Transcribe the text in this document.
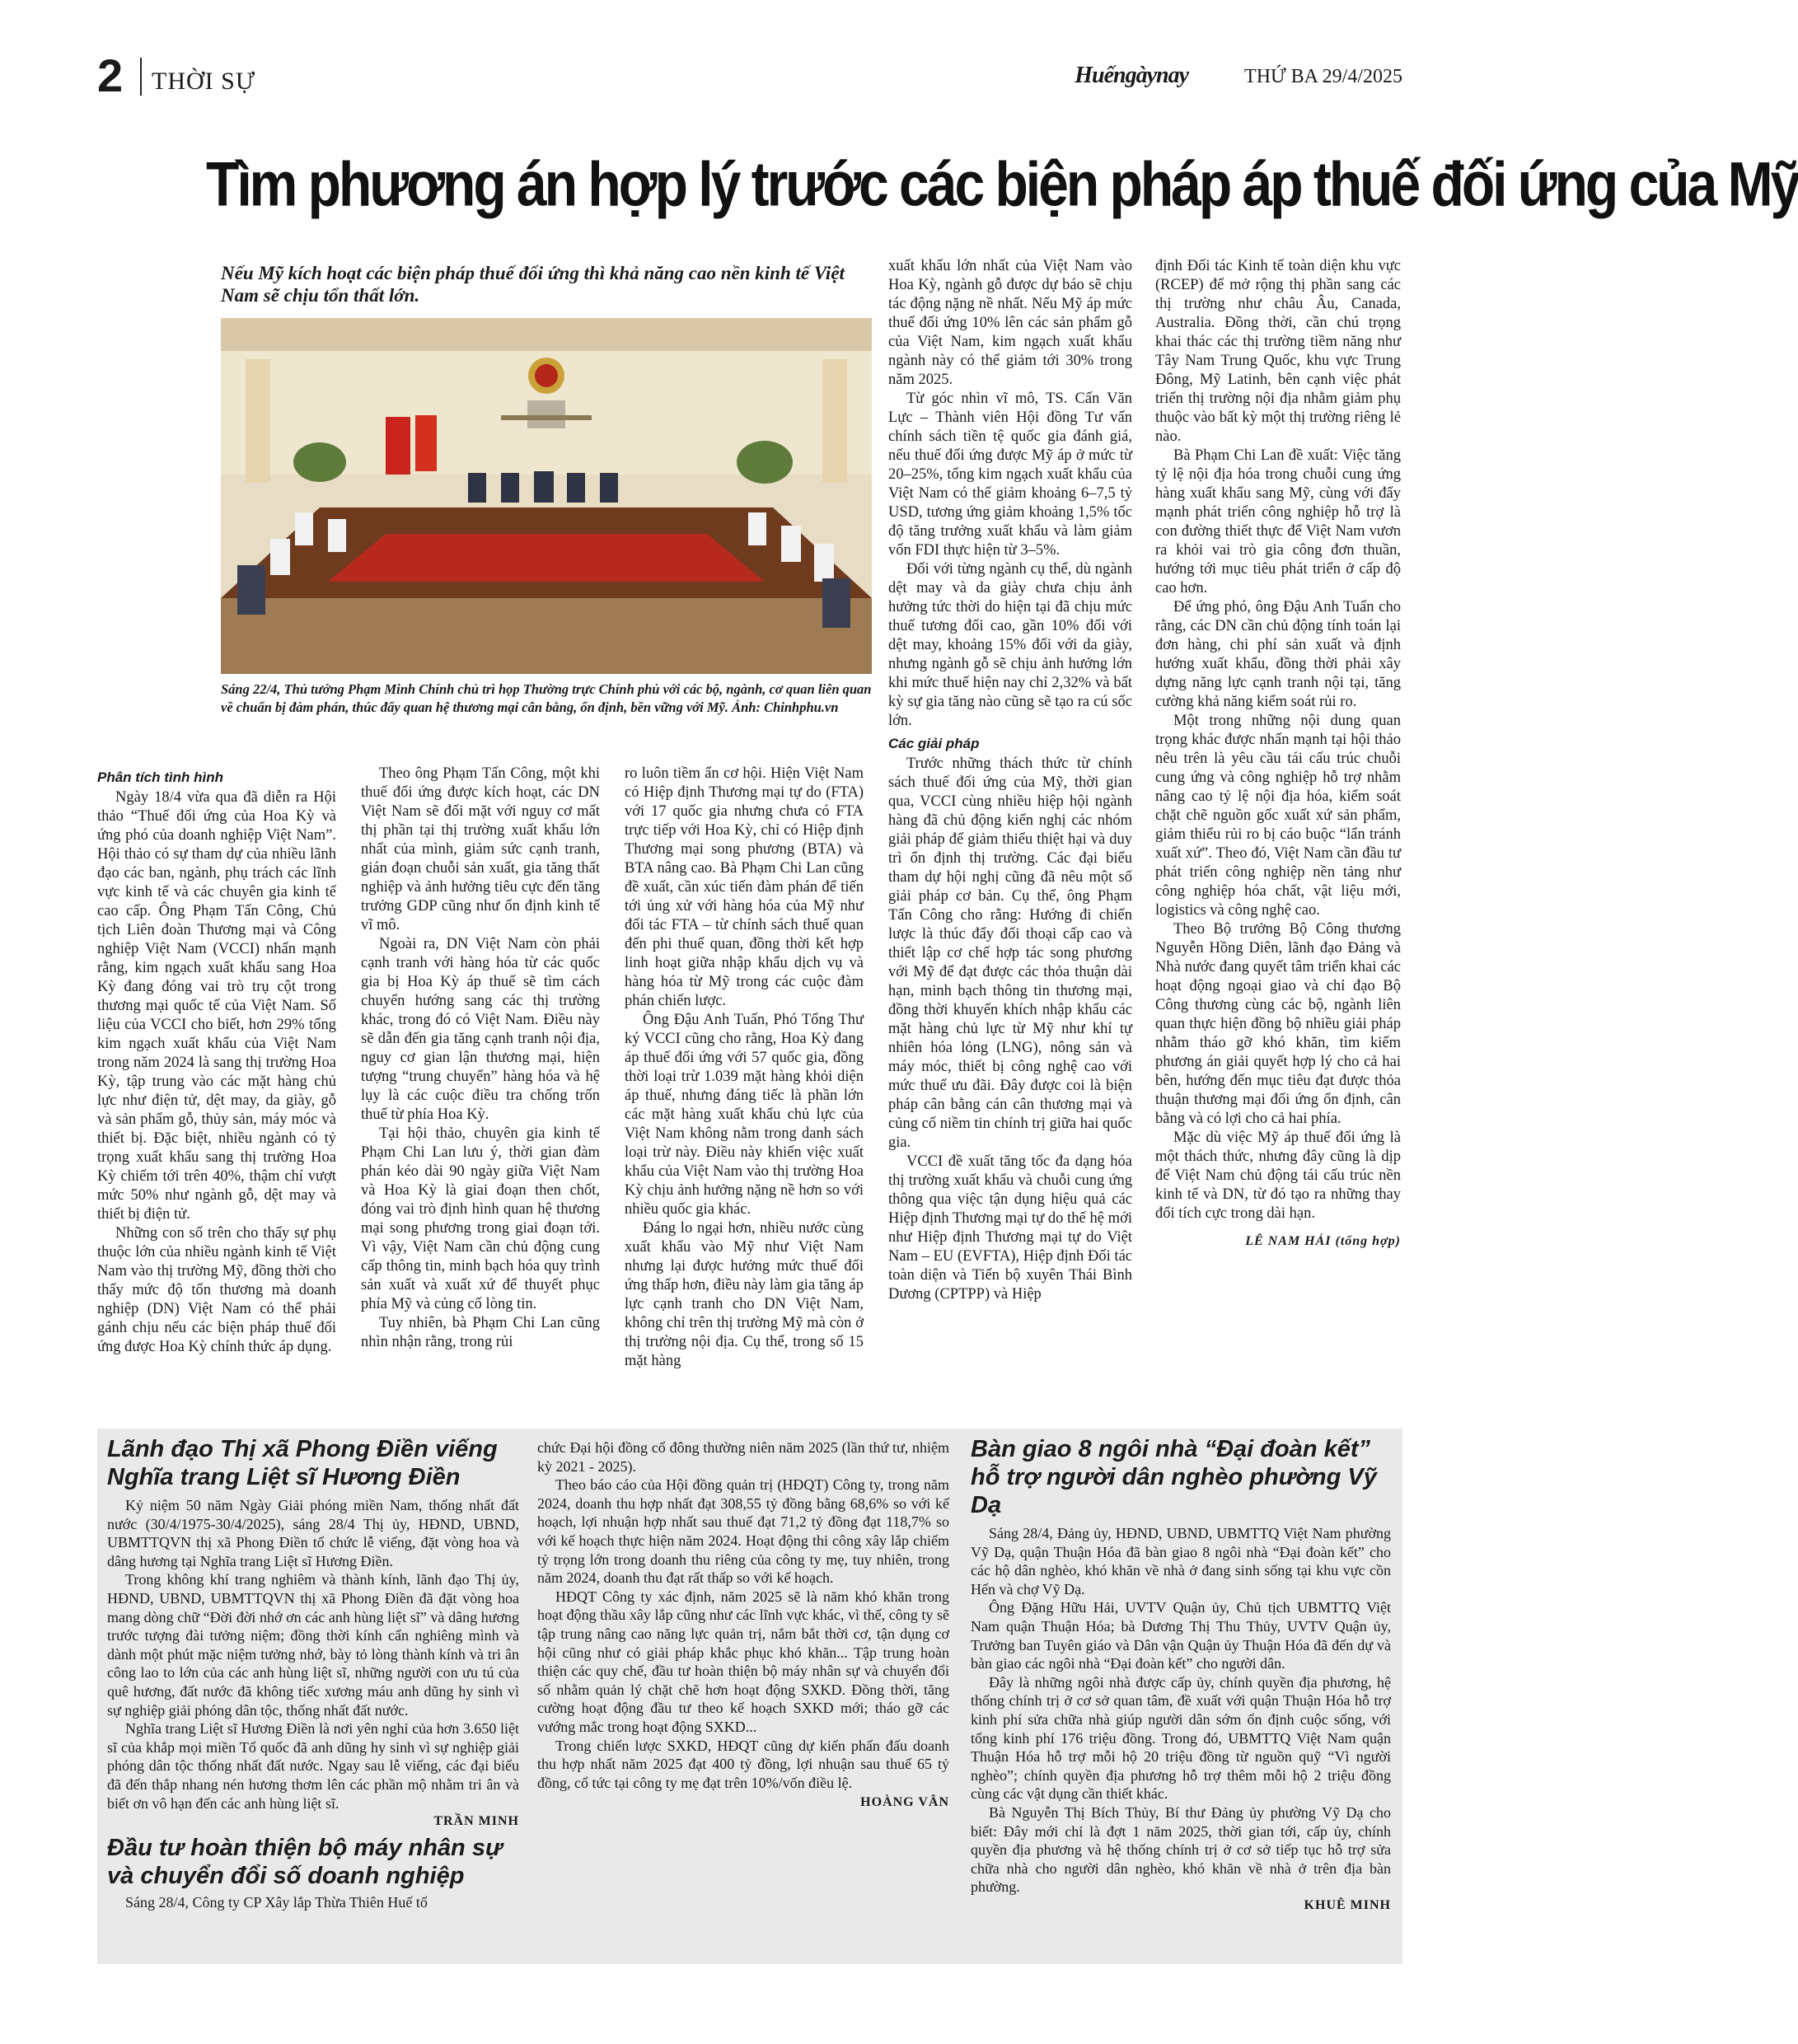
2 THỜI SỰ	Huếngàynay	THỨ BA 29/4/2025
Tìm phương án hợp lý trước các biện pháp áp thuế đối ứng của Mỹ
Nếu Mỹ kích hoạt các biện pháp thuế đối ứng thì khả năng cao nền kinh tế Việt Nam sẽ chịu tổn thất lớn.
Sáng 22/4, Thủ tướng Phạm Minh Chính chủ trì họp Thường trực Chính phủ với các bộ, ngành, cơ quan liên quan về chuẩn bị đàm phán, thúc đẩy quan hệ thương mại cân bằng, ổn định, bền vững với Mỹ. Ảnh: Chinhphu.vn
Phân tích tình hình

Ngày 18/4 vừa qua đã diễn ra Hội thảo “Thuế đối ứng của Hoa Kỳ và ứng phó của doanh nghiệp Việt Nam”. Hội thảo có sự tham dự của nhiều lãnh đạo các ban, ngành, phụ trách các lĩnh vực kinh tế và các chuyên gia kinh tế cao cấp. Ông Phạm Tấn Công, Chủ tịch Liên đoàn Thương mại và Công nghiệp Việt Nam (VCCI) nhấn mạnh rằng, kim ngạch xuất khẩu sang Hoa Kỳ đang đóng vai trò trụ cột trong thương mại quốc tế của Việt Nam. Số liệu của VCCI cho biết, hơn 29% tổng kim ngạch xuất khẩu của Việt Nam trong năm 2024 là sang thị trường Hoa Kỳ, tập trung vào các mặt hàng chủ lực như điện tử, dệt may, da giày, gỗ và sản phẩm gỗ, thủy sản, máy móc và thiết bị. Đặc biệt, nhiều ngành có tỷ trọng xuất khẩu sang thị trường Hoa Kỳ chiếm tới trên 40%, thậm chí vượt mức 50% như ngành gỗ, dệt may và thiết bị điện tử.

Những con số trên cho thấy sự phụ thuộc lớn của nhiều ngành kinh tế Việt Nam vào thị trường Mỹ, đồng thời cho thấy mức độ tổn thương mà doanh nghiệp (DN) Việt Nam có thể phải gánh chịu nếu các biện pháp thuế đối ứng được Hoa Kỳ chính thức áp dụng.

Theo ông Phạm Tấn Công, một khi thuế đối ứng được kích hoạt, các DN Việt Nam sẽ đối mặt với nguy cơ mất thị phần tại thị trường xuất khẩu lớn nhất của mình, giảm sức cạnh tranh, gián đoạn chuỗi sản xuất, gia tăng thất nghiệp và ảnh hưởng tiêu cực đến tăng trưởng GDP cũng như ổn định kinh tế vĩ mô.

Ngoài ra, DN Việt Nam còn phải cạnh tranh với hàng hóa từ các quốc gia bị Hoa Kỳ áp thuế sẽ tìm cách chuyển hướng sang các thị trường khác, trong đó có Việt Nam. Điều này sẽ dẫn đến gia tăng cạnh tranh nội địa, nguy cơ gian lận thương mại, hiện tượng “trung chuyển” hàng hóa và hệ lụy là các cuộc điều tra chống trốn thuế từ phía Hoa Kỳ.

Tại hội thảo, chuyên gia kinh tế Phạm Chi Lan lưu ý, thời gian đàm phán kéo dài 90 ngày giữa Việt Nam và Hoa Kỳ là giai đoạn then chốt, đóng vai trò định hình quan hệ thương mại song phương trong giai đoạn tới. Vì vậy, Việt Nam cần chủ động cung cấp thông tin, minh bạch hóa quy trình sản xuất và xuất xứ để thuyết phục phía Mỹ và củng cố lòng tin.

Tuy nhiên, bà Phạm Chi Lan cũng nhìn nhận rằng, trong rủi

ro luôn tiềm ẩn cơ hội. Hiện Việt Nam có Hiệp định Thương mại tự do (FTA) với 17 quốc gia nhưng chưa có FTA trực tiếp với Hoa Kỳ, chỉ có Hiệp định Thương mại song phương (BTA) và BTA nâng cao. Bà Phạm Chi Lan cũng đề xuất, cần xúc tiến đàm phán để tiến tới ủng xử với hàng hóa của Mỹ như đối tác FTA – từ chính sách thuế quan đến phi thuế quan, đồng thời kết hợp linh hoạt giữa nhập khẩu dịch vụ và hàng hóa từ Mỹ trong các cuộc đàm phán chiến lược.

Ông Đậu Anh Tuấn, Phó Tổng Thư ký VCCI cũng cho rằng, Hoa Kỳ đang áp thuế đối ứng với 57 quốc gia, đồng thời loại trừ 1.039 mặt hàng khỏi diện áp thuế, nhưng đáng tiếc là phần lớn các mặt hàng xuất khẩu chủ lực của Việt Nam không nằm trong danh sách loại trừ này. Điều này khiến việc xuất khẩu của Việt Nam vào thị trường Hoa Kỳ chịu ảnh hưởng nặng nề hơn so với nhiều quốc gia khác.

Đáng lo ngại hơn, nhiều nước cùng xuất khẩu vào Mỹ như Việt Nam nhưng lại được hưởng mức thuế đối ứng thấp hơn, điều này làm gia tăng áp lực cạnh tranh cho DN Việt Nam, không chỉ trên thị trường Mỹ mà còn ở thị trường nội địa. Cụ thể, trong số 15 mặt hàng

xuất khẩu lớn nhất của Việt Nam vào Hoa Kỳ, ngành gỗ được dự báo sẽ chịu tác động nặng nề nhất. Nếu Mỹ áp mức thuế đối ứng 10% lên các sản phẩm gỗ của Việt Nam, kim ngạch xuất khẩu ngành này có thể giảm tới 30% trong năm 2025.

Từ góc nhìn vĩ mô, TS. Cấn Văn Lực – Thành viên Hội đồng Tư vấn chính sách tiền tệ quốc gia đánh giá, nếu thuế đối ứng được Mỹ áp ở mức từ 20–25%, tổng kim ngạch xuất khẩu của Việt Nam có thể giảm khoảng 6–7,5 tỷ USD, tương ứng giảm khoảng 1,5% tốc độ tăng trưởng xuất khẩu và làm giảm vốn FDI thực hiện từ 3–5%.

Đối với từng ngành cụ thể, dù ngành dệt may và da giày chưa chịu ảnh hưởng tức thời do hiện tại đã chịu mức thuế tương đối cao, gần 10% đối với dệt may, khoảng 15% đối với da giày, nhưng ngành gỗ sẽ chịu ảnh hưởng lớn khi mức thuế hiện nay chỉ 2,32% và bất kỳ sự gia tăng nào cũng sẽ tạo ra cú sốc lớn.

Các giải pháp

Trước những thách thức từ chính sách thuế đối ứng của Mỹ, thời gian qua, VCCI cùng nhiều hiệp hội ngành hàng đã chủ động kiến nghị các nhóm giải pháp để giảm thiểu thiệt hại và duy trì ổn định thị trường. Các đại biểu tham dự hội nghị cũng đã nêu một số giải pháp cơ bản. Cụ thể, ông Phạm Tấn Công cho rằng: Hướng đi chiến lược là thúc đẩy đối thoại cấp cao và thiết lập cơ chế hợp tác song phương với Mỹ để đạt được các thỏa thuận dài hạn, minh bạch thông tin thương mại, đồng thời khuyến khích nhập khẩu các mặt hàng chủ lực từ Mỹ như khí tự nhiên hóa lỏng (LNG), nông sản và máy móc, thiết bị công nghệ cao với mức thuế ưu đãi. Đây được coi là biện pháp cân bằng cán cân thương mại và củng cố niềm tin chính trị giữa hai quốc gia.

VCCI đề xuất tăng tốc đa dạng hóa thị trường xuất khẩu và chuỗi cung ứng thông qua việc tận dụng hiệu quả các Hiệp định Thương mại tự do thế hệ mới như Hiệp định Thương mại tự do Việt Nam – EU (EVFTA), Hiệp định Đối tác toàn diện và Tiến bộ xuyên Thái Bình Dương (CPTPP) và Hiệp

định Đối tác Kinh tế toàn diện khu vực (RCEP) để mở rộng thị phần sang các thị trường như châu Âu, Canada, Australia. Đồng thời, cần chú trọng khai thác các thị trường tiềm năng như Tây Nam Trung Quốc, khu vực Trung Đông, Mỹ Latinh, bên cạnh việc phát triển thị trường nội địa nhằm giảm phụ thuộc vào bất kỳ một thị trường riêng lẻ nào.

Bà Phạm Chi Lan đề xuất: Việc tăng tỷ lệ nội địa hóa trong chuỗi cung ứng hàng xuất khẩu sang Mỹ, cùng với đẩy mạnh phát triển công nghiệp hỗ trợ là con đường thiết thực để Việt Nam vươn ra khỏi vai trò gia công đơn thuần, hướng tới mục tiêu phát triển ở cấp độ cao hơn.

Để ứng phó, ông Đậu Anh Tuấn cho rằng, các DN cần chủ động tính toán lại đơn hàng, chi phí sản xuất và định hướng xuất khẩu, đồng thời phải xây dựng năng lực cạnh tranh nội tại, tăng cường khả năng kiểm soát rủi ro.

Một trong những nội dung quan trọng khác được nhấn mạnh tại hội thảo nêu trên là yêu cầu tái cấu trúc chuỗi cung ứng và công nghiệp hỗ trợ nhằm nâng cao tỷ lệ nội địa hóa, kiểm soát chặt chẽ nguồn gốc xuất xứ sản phẩm, giảm thiểu rủi ro bị cáo buộc “lẩn tránh xuất xứ”. Theo đó, Việt Nam cần đầu tư phát triển công nghiệp nền tảng như công nghiệp hóa chất, vật liệu mới, logistics và công nghệ cao.

Theo Bộ trưởng Bộ Công thương Nguyễn Hồng Diên, lãnh đạo Đảng và Nhà nước đang quyết tâm triển khai các hoạt động ngoại giao và chỉ đạo Bộ Công thương cùng các bộ, ngành liên quan thực hiện đồng bộ nhiều giải pháp nhằm tháo gỡ khó khăn, tìm kiếm phương án giải quyết hợp lý cho cả hai bên, hướng đến mục tiêu đạt được thỏa thuận thương mại đối ứng ổn định, cân bằng và có lợi cho cả hai phía.

Mặc dù việc Mỹ áp thuế đối ứng là một thách thức, nhưng đây cũng là dịp để Việt Nam chủ động tái cấu trúc nền kinh tế và DN, từ đó tạo ra những thay đổi tích cực trong dài hạn.

LÊ NAM HẢI (tổng hợp)
Lãnh đạo Thị xã Phong Điền viếng Nghĩa trang Liệt sĩ Hương Điền

Kỷ niệm 50 năm Ngày Giải phóng miền Nam, thống nhất đất nước (30/4/1975-30/4/2025), sáng 28/4 Thị ủy, HĐND, UBND, UBMTTQVN thị xã Phong Điền tổ chức lễ viếng, đặt vòng hoa và dâng hương tại Nghĩa trang Liệt sĩ Hương Điền.

Trong không khí trang nghiêm và thành kính, lãnh đạo Thị ủy, HĐND, UBND, UBMTTQVN thị xã Phong Điền đã đặt vòng hoa mang dòng chữ “Đời đời nhớ ơn các anh hùng liệt sĩ” và dâng hương trước tượng đài tưởng niệm; đồng thời kính cẩn nghiêng mình và dành một phút mặc niệm tưởng nhớ, bày tỏ lòng thành kính và tri ân công lao to lớn của các anh hùng liệt sĩ, những người con ưu tú của quê hương, đất nước đã không tiếc xương máu anh dũng hy sinh vì sự nghiệp giải phóng dân tộc, thống nhất đất nước.

Nghĩa trang Liệt sĩ Hương Điền là nơi yên nghỉ của hơn 3.650 liệt sĩ của khắp mọi miền Tổ quốc đã anh dũng hy sinh vì sự nghiệp giải phóng dân tộc thống nhất đất nước. Ngay sau lễ viếng, các đại biểu đã đến thắp nhang nén hương thơm lên các phần mộ nhằm tri ân và biết ơn vô hạn đến các anh hùng liệt sĩ.

TRẦN MINH
Đầu tư hoàn thiện bộ máy nhân sự và chuyển đổi số doanh nghiệp

Sáng 28/4, Công ty CP Xây lắp Thừa Thiên Huế tổ

chức Đại hội đồng cổ đông thường niên năm 2025 (lần thứ tư, nhiệm kỳ 2021 - 2025).

Theo báo cáo của Hội đồng quản trị (HĐQT) Công ty, trong năm 2024, doanh thu hợp nhất đạt 308,55 tỷ đồng bằng 68,6% so với kế hoạch, lợi nhuận hợp nhất sau thuế đạt 71,2 tỷ đồng đạt 118,7% so với kế hoạch thực hiện năm 2024. Hoạt động thi công xây lắp chiếm tỷ trọng lớn trong doanh thu riêng của công ty mẹ, tuy nhiên, trong năm 2024, doanh thu đạt rất thấp so với kế hoạch.

HĐQT Công ty xác định, năm 2025 sẽ là năm khó khăn trong hoạt động thầu xây lắp cũng như các lĩnh vực khác, vì thế, công ty sẽ tập trung nâng cao năng lực quản trị, nắm bắt thời cơ, tận dụng cơ hội cũng như có giải pháp khắc phục khó khăn... Tập trung hoàn thiện các quy chế, đầu tư hoàn thiện bộ máy nhân sự và chuyển đổi số nhằm quản lý chặt chẽ hơn hoạt động SXKD. Đồng thời, tăng cường hoạt động đầu tư theo kế hoạch SXKD mới; tháo gỡ các vướng mắc trong hoạt động SXKD...

Trong chiến lược SXKD, HĐQT cũng dự kiến phấn đấu doanh thu hợp nhất năm 2025 đạt 400 tỷ đồng, lợi nhuận sau thuế 65 tỷ đồng, cổ tức tại công ty mẹ đạt trên 10%/vốn điều lệ.

HOÀNG VÂN
Bàn giao 8 ngôi nhà “Đại đoàn kết” hỗ trợ người dân nghèo phường Vỹ Dạ

Sáng 28/4, Đảng ủy, HĐND, UBND, UBMTTQ Việt Nam phường Vỹ Dạ, quận Thuận Hóa đã bàn giao 8 ngôi nhà “Đại đoàn kết” cho các hộ dân nghèo, khó khăn về nhà ở đang sinh sống tại khu vực cồn Hến và chợ Vỹ Dạ.

Ông Đặng Hữu Hải, UVTV Quận ủy, Chủ tịch UBMTTQ Việt Nam quận Thuận Hóa; bà Dương Thị Thu Thủy, UVTV Quận ủy, Trưởng ban Tuyên giáo và Dân vận Quận ủy Thuận Hóa đã đến dự và bàn giao các ngôi nhà “Đại đoàn kết” cho người dân.

Đây là những ngôi nhà được cấp ủy, chính quyền địa phương, hệ thống chính trị ở cơ sở quan tâm, đề xuất với quận Thuận Hóa hỗ trợ kinh phí sửa chữa nhà giúp người dân sớm ổn định cuộc sống, với tổng kinh phí 176 triệu đồng. Trong đó, UBMTTQ Việt Nam quận Thuận Hóa hỗ trợ mỗi hộ 20 triệu đồng từ nguồn quỹ “Vì người nghèo”; chính quyền địa phương hỗ trợ thêm mỗi hộ 2 triệu đồng cùng các vật dụng cần thiết khác.

Bà Nguyễn Thị Bích Thủy, Bí thư Đảng ủy phường Vỹ Dạ cho biết: Đây mới chỉ là đợt 1 năm 2025, thời gian tới, cấp ủy, chính quyền địa phương và hệ thống chính trị ở cơ sở tiếp tục hỗ trợ sửa chữa nhà cho người dân nghèo, khó khăn về nhà ở trên địa bàn phường.

KHUÊ MINH
